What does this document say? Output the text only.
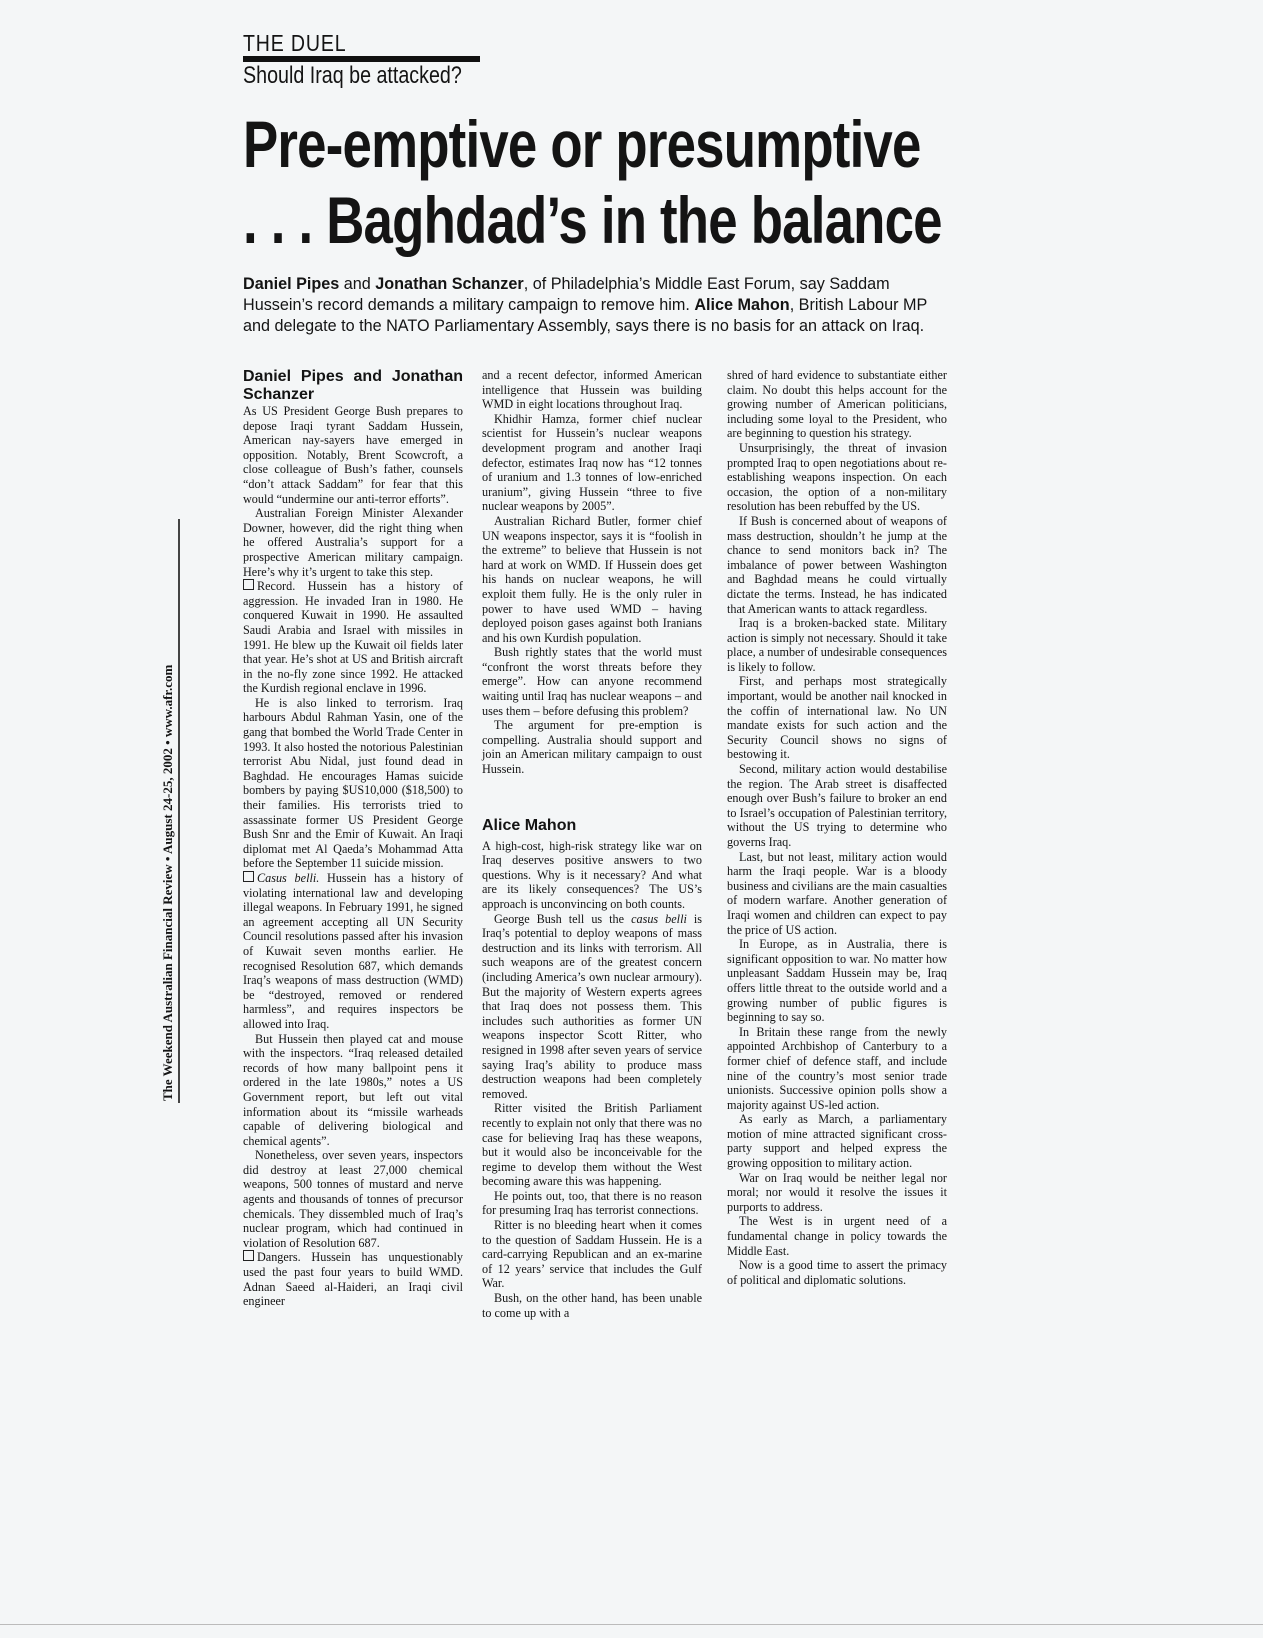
THE DUEL
Should Iraq be attacked?
Pre-emptive or presumptive
. . . Baghdad’s in the balance
Daniel Pipes and Jonathan Schanzer, of Philadelphia’s Middle East Forum, say Saddam Hussein’s record demands a military campaign to remove him. Alice Mahon, British Labour MP and delegate to the NATO Parliamentary Assembly, says there is no basis for an attack on Iraq.
The Weekend Australian Financial Review • August 24-25, 2002 • www.afr.com
Daniel Pipes and Jonathan Schanzer

As US President George Bush prepares to depose Iraqi tyrant Saddam Hussein, American nay-sayers have emerged in opposition. Notably, Brent Scowcroft, a close colleague of Bush’s father, counsels “don’t attack Saddam” for fear that this would “undermine our anti-terror efforts”.

Australian Foreign Minister Alexander Downer, however, did the right thing when he offered Australia’s support for a prospective American military campaign. Here’s why it’s urgent to take this step.

Record. Hussein has a history of aggression. He invaded Iran in 1980. He conquered Kuwait in 1990. He assaulted Saudi Arabia and Israel with missiles in 1991. He blew up the Kuwait oil fields later that year. He’s shot at US and British aircraft in the no-fly zone since 1992. He attacked the Kurdish regional enclave in 1996.

He is also linked to terrorism. Iraq harbours Abdul Rahman Yasin, one of the gang that bombed the World Trade Center in 1993. It also hosted the notorious Palestinian terrorist Abu Nidal, just found dead in Baghdad. He encourages Hamas suicide bombers by paying $US10,000 ($18,500) to their families. His terrorists tried to assassinate former US President George Bush Snr and the Emir of Kuwait. An Iraqi diplomat met Al Qaeda’s Mohammad Atta before the September 11 suicide mission.

Casus belli. Hussein has a history of violating international law and developing illegal weapons. In February 1991, he signed an agreement accepting all UN Security Council resolutions passed after his invasion of Kuwait seven months earlier. He recognised Resolution 687, which demands Iraq’s weapons of mass destruction (WMD) be “destroyed, removed or rendered harmless”, and requires inspectors be allowed into Iraq.

But Hussein then played cat and mouse with the inspectors. “Iraq released detailed records of how many ballpoint pens it ordered in the late 1980s,” notes a US Government report, but left out vital information about its “missile warheads capable of delivering biological and chemical agents”.

Nonetheless, over seven years, inspectors did destroy at least 27,000 chemical weapons, 500 tonnes of mustard and nerve agents and thousands of tonnes of precursor chemicals. They dissembled much of Iraq’s nuclear program, which had continued in violation of Resolution 687.

Dangers. Hussein has unquestionably used the past four years to build WMD. Adnan Saeed al-Haideri, an Iraqi civil engineer

and a recent defector, informed American intelligence that Hussein was building WMD in eight locations throughout Iraq.

Khidhir Hamza, former chief nuclear scientist for Hussein’s nuclear weapons development program and another Iraqi defector, estimates Iraq now has “12 tonnes of uranium and 1.3 tonnes of low-enriched uranium”, giving Hussein “three to five nuclear weapons by 2005”.

Australian Richard Butler, former chief UN weapons inspector, says it is “foolish in the extreme” to believe that Hussein is not hard at work on WMD. If Hussein does get his hands on nuclear weapons, he will exploit them fully. He is the only ruler in power to have used WMD – having deployed poison gases against both Iranians and his own Kurdish population.

Bush rightly states that the world must “confront the worst threats before they emerge”. How can anyone recommend waiting until Iraq has nuclear weapons – and uses them – before defusing this problem?

The argument for pre-emption is compelling. Australia should support and join an American military campaign to oust Hussein.

Alice Mahon

A high-cost, high-risk strategy like war on Iraq deserves positive answers to two questions. Why is it necessary? And what are its likely consequences? The US’s approach is unconvincing on both counts.

George Bush tell us the casus belli is Iraq’s potential to deploy weapons of mass destruction and its links with terrorism. All such weapons are of the greatest concern (including America’s own nuclear armoury). But the majority of Western experts agrees that Iraq does not possess them. This includes such authorities as former UN weapons inspector Scott Ritter, who resigned in 1998 after seven years of service saying Iraq’s ability to produce mass destruction weapons had been completely removed.

Ritter visited the British Parliament recently to explain not only that there was no case for believing Iraq has these weapons, but it would also be inconceivable for the regime to develop them without the West becoming aware this was happening.

He points out, too, that there is no reason for presuming Iraq has terrorist connections.

Ritter is no bleeding heart when it comes to the question of Saddam Hussein. He is a card-carrying Republican and an ex-marine of 12 years’ service that includes the Gulf War.

Bush, on the other hand, has been unable to come up with a

shred of hard evidence to substantiate either claim. No doubt this helps account for the growing number of American politicians, including some loyal to the President, who are beginning to question his strategy.

Unsurprisingly, the threat of invasion prompted Iraq to open negotiations about re-establishing weapons inspection. On each occasion, the option of a non-military resolution has been rebuffed by the US.

If Bush is concerned about of weapons of mass destruction, shouldn’t he jump at the chance to send monitors back in? The imbalance of power between Washington and Baghdad means he could virtually dictate the terms. Instead, he has indicated that American wants to attack regardless.

Iraq is a broken-backed state. Military action is simply not necessary. Should it take place, a number of undesirable consequences is likely to follow.

First, and perhaps most strategically important, would be another nail knocked in the coffin of international law. No UN mandate exists for such action and the Security Council shows no signs of bestowing it.

Second, military action would destabilise the region. The Arab street is disaffected enough over Bush’s failure to broker an end to Israel’s occupation of Palestinian territory, without the US trying to determine who governs Iraq.

Last, but not least, military action would harm the Iraqi people. War is a bloody business and civilians are the main casualties of modern warfare. Another generation of Iraqi women and children can expect to pay the price of US action.

In Europe, as in Australia, there is significant opposition to war. No matter how unpleasant Saddam Hussein may be, Iraq offers little threat to the outside world and a growing number of public figures is beginning to say so.

In Britain these range from the newly appointed Archbishop of Canterbury to a former chief of defence staff, and include nine of the country’s most senior trade unionists. Successive opinion polls show a majority against US-led action.

As early as March, a parliamentary motion of mine attracted significant cross-party support and helped express the growing opposition to military action.

War on Iraq would be neither legal nor moral; nor would it resolve the issues it purports to address.

The West is in urgent need of a fundamental change in policy towards the Middle East.

Now is a good time to assert the primacy of political and diplomatic solutions.
